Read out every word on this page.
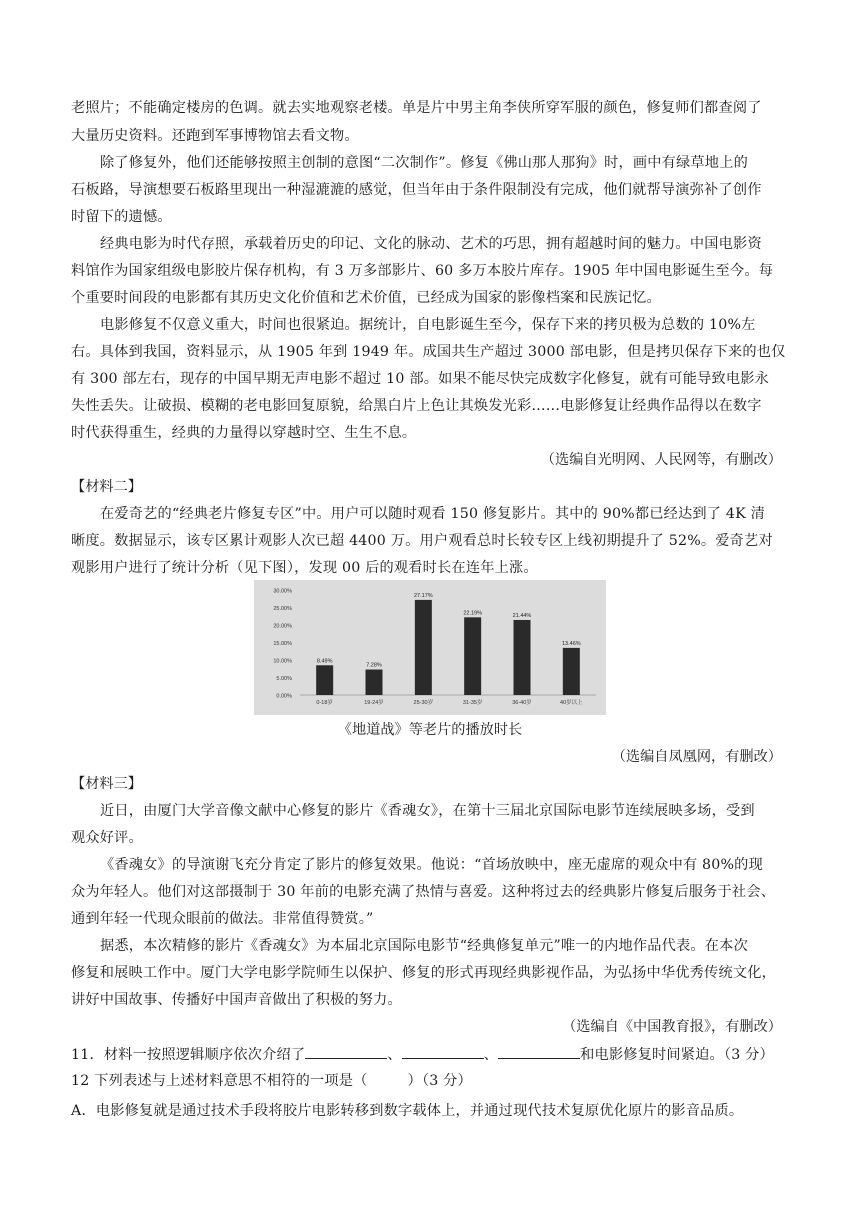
老照片；不能确定楼房的色调。就去实地观察老楼。单是片中男主角李侠所穿军服的颜色，修复师们都查阅了
大量历史资料。还跑到军事博物馆去看文物。
除了修复外，他们还能够按照主创制的意图“二次制作”。修复《佛山那人那狗》时，画中有绿草地上的
石板路，导演想要石板路里现出一种湿漉漉的感觉，但当年由于条件限制没有完成，他们就帮导演弥补了创作
时留下的遗憾。
经典电影为时代存照，承载着历史的印记、文化的脉动、艺术的巧思，拥有超越时间的魅力。中国电影资
料馆作为国家组级电影胶片保存机构，有 3 万多部影片、60 多万本胶片库存。1905 年中国电影诞生至今。每
个重要时间段的电影都有其历史文化价值和艺术价值，已经成为国家的影像档案和民族记忆。
电影修复不仅意义重大，时间也很紧迫。据统计，自电影诞生至今，保存下来的拷贝极为总数的 10%左
右。具体到我国，资料显示，从 1905 年到 1949 年。成国共生产超过 3000 部电影，但是拷贝保存下来的也仅
有 300 部左右，现存的中国早期无声电影不超过 10 部。如果不能尽快完成数字化修复，就有可能导致电影永
失性丢失。让破损、模糊的老电影回复原貌，给黑白片上色让其焕发光彩……电影修复让经典作品得以在数字
时代获得重生，经典的力量得以穿越时空、生生不息。
（选编自光明网、人民网等，有删改）
【材料二】
在爱奇艺的“经典老片修复专区”中。用户可以随时观看 150 修复影片。其中的 90%都已经达到了 4K 清
晰度。数据显示，该专区累计观影人次已超 4400 万。用户观看总时长较专区上线初期提升了 52%。爱奇艺对
观影用户进行了统计分析（见下图），发现 00 后的观看时长在连年上涨。
0.00%
5.00%
10.00%
15.00%
20.00%
25.00%
30.00%
8.49%
0-18岁
7.28%
19-24岁
27.17%
25-30岁
22.19%
31-35岁
21.44%
36-40岁
13.46%
40岁以上
《地道战》等老片的播放时长
（选编自凤凰网，有删改）
【材料三】
近日，由厦门大学音像文献中心修复的影片《香魂女》，在第十三届北京国际电影节连续展映多场，受到
观众好评。
《香魂女》的导演谢飞充分肯定了影片的修复效果。他说：“首场放映中，座无虚席的观众中有 80%的现
众为年轻人。他们对这部摄制于 30 年前的电影充满了热情与喜爱。这种将过去的经典影片修复后服务于社会、
通到年轻一代现众眼前的做法。非常值得赞赏。”
据悉，本次精修的影片《香魂女》为本届北京国际电影节“经典修复单元”唯一的内地作品代表。在本次
修复和展映工作中。厦门大学电影学院师生以保护、修复的形式再现经典影视作品，为弘扬中华优秀传统文化，
讲好中国故事、传播好中国声音做出了积极的努力。
（选编自《中国教育报》，有删改）
11．材料一按照逻辑顺序依次介绍了	、	、	和电影修复时间紧迫。（3 分）
12 下列表述与上述材料意思不相符的一项是（	）（3 分）
A．电影修复就是通过技术手段将胶片电影转移到数字载体上，并通过现代技术复原优化原片的影音品质。
